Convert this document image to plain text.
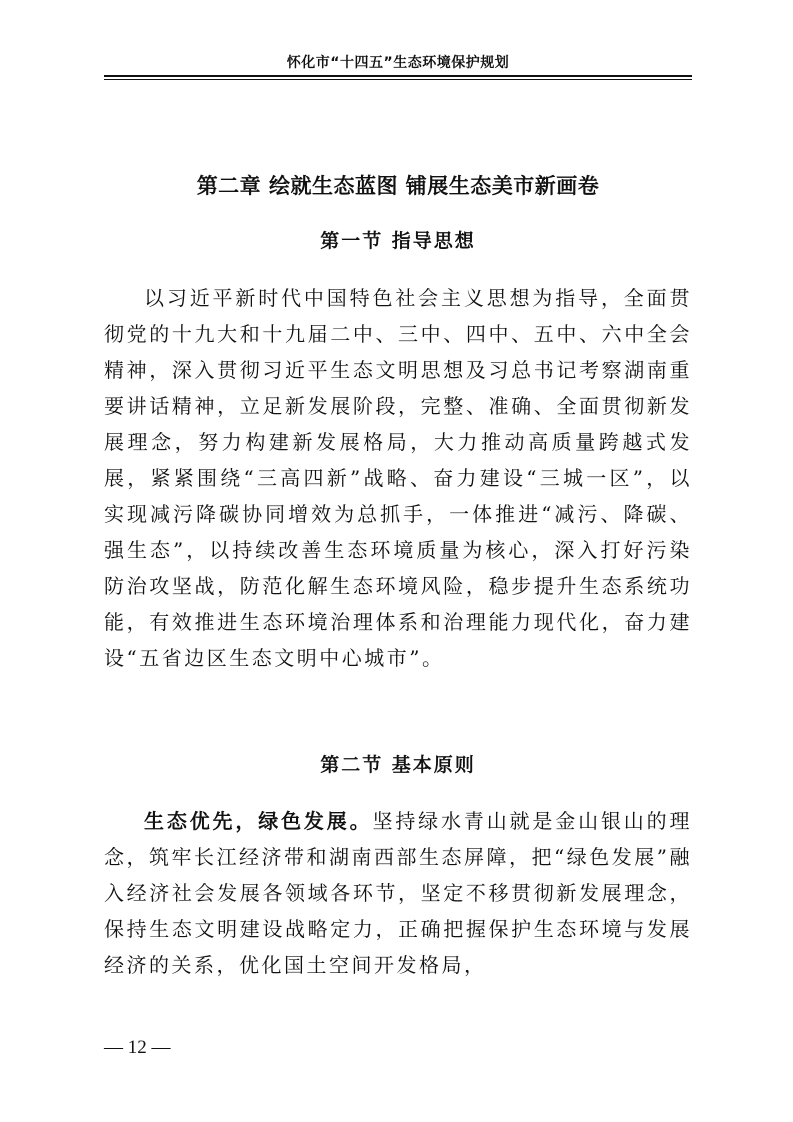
怀化市“十四五”生态环境保护规划
第二章 绘就生态蓝图 铺展生态美市新画卷
第一节 指导思想

以习近平新时代中国特色社会主义思想为指导，全面贯彻党的十九大和十九届二中、三中、四中、五中、六中全会精神，深入贯彻习近平生态文明思想及习总书记考察湖南重要讲话精神，立足新发展阶段，完整、准确、全面贯彻新发展理念，努力构建新发展格局，大力推动高质量跨越式发展，紧紧围绕“三高四新”战略、奋力建设“三城一区”，以实现减污降碳协同增效为总抓手，一体推进“减污、降碳、强生态”，以持续改善生态环境质量为核心，深入打好污染防治攻坚战，防范化解生态环境风险，稳步提升生态系统功能，有效推进生态环境治理体系和治理能力现代化，奋力建设“五省边区生态文明中心城市”。

第二节 基本原则

生态优先，绿色发展。坚持绿水青山就是金山银山的理念，筑牢长江经济带和湖南西部生态屏障，把“绿色发展”融入经济社会发展各领域各环节，坚定不移贯彻新发展理念，保持生态文明建设战略定力，正确把握保护生态环境与发展经济的关系，优化国土空间开发格局，

— 12 —
